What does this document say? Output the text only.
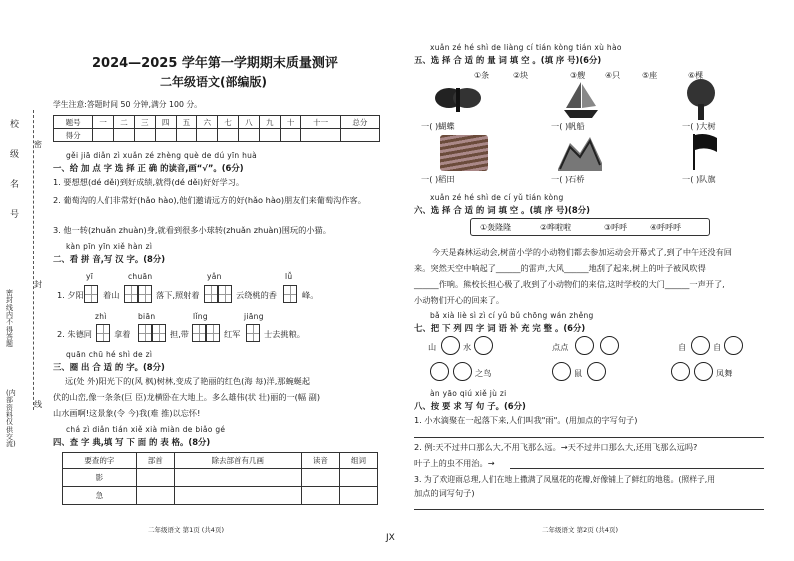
校
级
名
号
密
封
线
密封线内不得答题
(内部资料 仅供交流)
2024—2025 学年第一学期期末质量测评
二年级语文(部编版)
学生注意:答题时间 50 分钟,满分 100 分。
题号	一	二	三	四	五	六	七	八	九	十	十一	总分
得分												
gěi jiā diǎn zì xuǎn zé zhèng què de dú yīn huà
一、给 加 点 字 选 择 正 确 的读音,画“√”。(6分)
1. 要想想(dé děi)到好成绩,就得(dé děi)好好学习。
2. 葡萄沟的人们非常好(hǎo hào),他们邀请远方的好(hǎo hào)朋友们来葡萄沟作客。
3. 他一转(zhuǎn zhuàn)身,就看到很多小球转(zhuǎn zhuàn)围玩的小猫。
kàn pīn yīn xiě hàn zì
二、看 拼 音,写 汉 字。(8分)
yī	chuān	yǎn	lǚ
1. 夕阳 着山	落下,照射着	云绕桃的香	峰。
zhì	biān	lǐng	jiāng
2. 朱德同	拿着	担,带	红军	士去挑粮。
quān chū hé shì de zì
三、圈 出 合 适 的 字。(8分)
远(处 外)阳光下的(风 枫)树林,变成了艳丽的红色(海 每)洋,那蜿蜒起
伏的山峦,像一条条(巨 臣)龙横卧在大地上。多么雄伟(状 壮)丽的一(幅 副)
山水画啊!这景象(令 今)我(难 推)以忘怀!
chá zì diǎn tián xiě xià miàn de biǎo gé
四、查 字 典,填 写 下 面 的 表 格。(8分)
要查的字	部首	除去部首有几画	读音	组词
影				
急				
二年级语文 第1页 (共4页)
JX
xuǎn zé hé shì de liàng cí tián kòng tián xù hào
五、选 择 合 适 的 量 词 填 空 。(填 序 号)(6分)
①条	②块	③艘 ④只	⑤座	⑥棵
一( )蝴蝶	一( )帆船	一( )大树
一( )稻田	一( )石桥	一( )队旗
xuǎn zé hé shì de cí yǔ tián kòng
六、选 择 合 适 的 词 填 空 。(填 序 号)(8分)
①轰隆隆	②哗啦啦	③呼呼	④呼呼呼
今天是森林运动会,树苗小学的小动物们都去参加运动会开幕式了,到了中午还没有回
来。突然天空中响起了______的雷声,大风______地刮了起来,树上的叶子被风吹得
______作响。熊校长担心极了,收到了小动物们的来信,这时学校的大门______一声开了,
小动物们开心的回来了。
bǎ xià liè sì zì cí yǔ bǔ chōng wán zhěng
七、把 下 列 四 字 词 语 补 充 完 整 。(6分)
山	水	点点	自	自
之鸟	鼠	凤舞
àn yāo qiú xiě jù zi
八、按 要 求 写 句 子。(6分)
1. 小水滴聚在一起落下来,人们叫我"雨"。(用加点的字写句子)
2. 例:天不过井口那么大,不用飞那么远。→天不过井口那么大,还用飞那么远吗?
叶子上的虫不用治。→
3. 为了欢迎雨总理,人们在地上撒满了凤凰花的花瓣,好像铺上了鲜红的地毯。(照样子,用
加点的词写句子)
二年级语文 第2页 (共4页)
